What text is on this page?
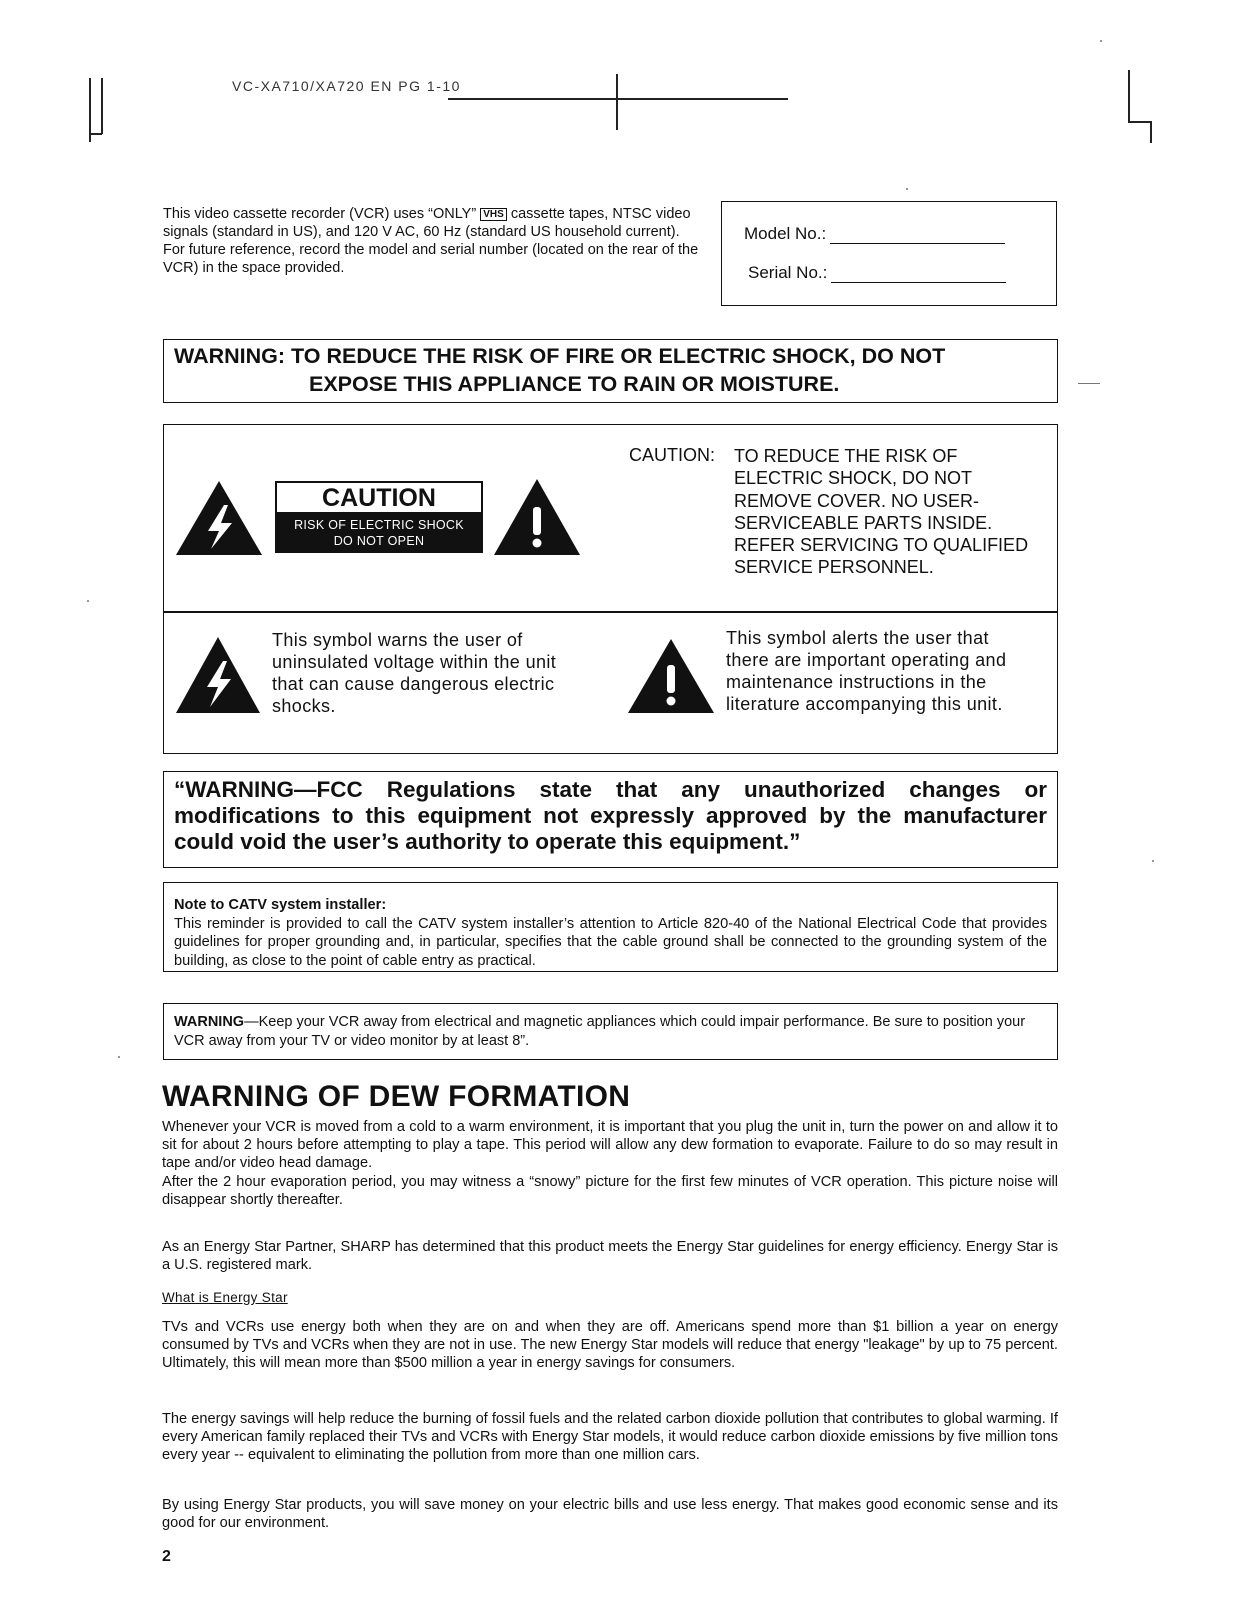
VC-XA710/XA720 EN PG 1-10

This video cassette recorder (VCR) uses “ONLY” VHS cassette tapes, NTSC video signals (standard in US), and 120 V AC, 60 Hz (standard US household current).

For future reference, record the model and serial number (located on the rear of the VCR) in the space provided.

Model No.:
Serial No.:
WARNING: TO REDUCE THE RISK OF FIRE OR ELECTRIC SHOCK, DO NOT
EXPOSE THIS APPLIANCE TO RAIN OR MOISTURE.
CAUTION
RISK OF ELECTRIC SHOCK
DO NOT OPEN
CAUTION: TO REDUCE THE RISK OF ELECTRIC SHOCK, DO NOT REMOVE COVER. NO USER-SERVICEABLE PARTS INSIDE. REFER SERVICING TO QUALIFIED SERVICE PERSONNEL.
This symbol warns the user of uninsulated voltage within the unit that can cause dangerous electric shocks.
This symbol alerts the user that there are important operating and maintenance instructions in the literature accompanying this unit.
“WARNING—FCC Regulations state that any unauthorized changes or modifications to this equipment not expressly approved by the manufacturer could void the user’s authority to operate this equipment.”
Note to CATV system installer:
This reminder is provided to call the CATV system installer’s attention to Article 820-40 of the National Electrical Code that provides guidelines for proper grounding and, in particular, specifies that the cable ground shall be connected to the grounding system of the building, as close to the point of cable entry as practical.
WARNING—Keep your VCR away from electrical and magnetic appliances which could impair performance. Be sure to position your VCR away from your TV or video monitor by at least 8”.
WARNING OF DEW FORMATION

Whenever your VCR is moved from a cold to a warm environment, it is important that you plug the unit in, turn the power on and allow it to sit for about 2 hours before attempting to play a tape. This period will allow any dew formation to evaporate. Failure to do so may result in tape and/or video head damage.

After the 2 hour evaporation period, you may witness a “snowy” picture for the first few minutes of VCR operation. This picture noise will disappear shortly thereafter.

As an Energy Star Partner, SHARP has determined that this product meets the Energy Star guidelines for energy efficiency. Energy Star is a U.S. registered mark.
What is Energy Star
TVs and VCRs use energy both when they are on and when they are off. Americans spend more than $1 billion a year on energy consumed by TVs and VCRs when they are not in use. The new Energy Star models will reduce that energy "leakage" by up to 75 percent. Ultimately, this will mean more than $500 million a year in energy savings for consumers.
The energy savings will help reduce the burning of fossil fuels and the related carbon dioxide pollution that contributes to global warming. If every American family replaced their TVs and VCRs with Energy Star models, it would reduce carbon dioxide emissions by five million tons every year -- equivalent to eliminating the pollution from more than one million cars.
By using Energy Star products, you will save money on your electric bills and use less energy. That makes good economic sense and its good for our environment.
2
